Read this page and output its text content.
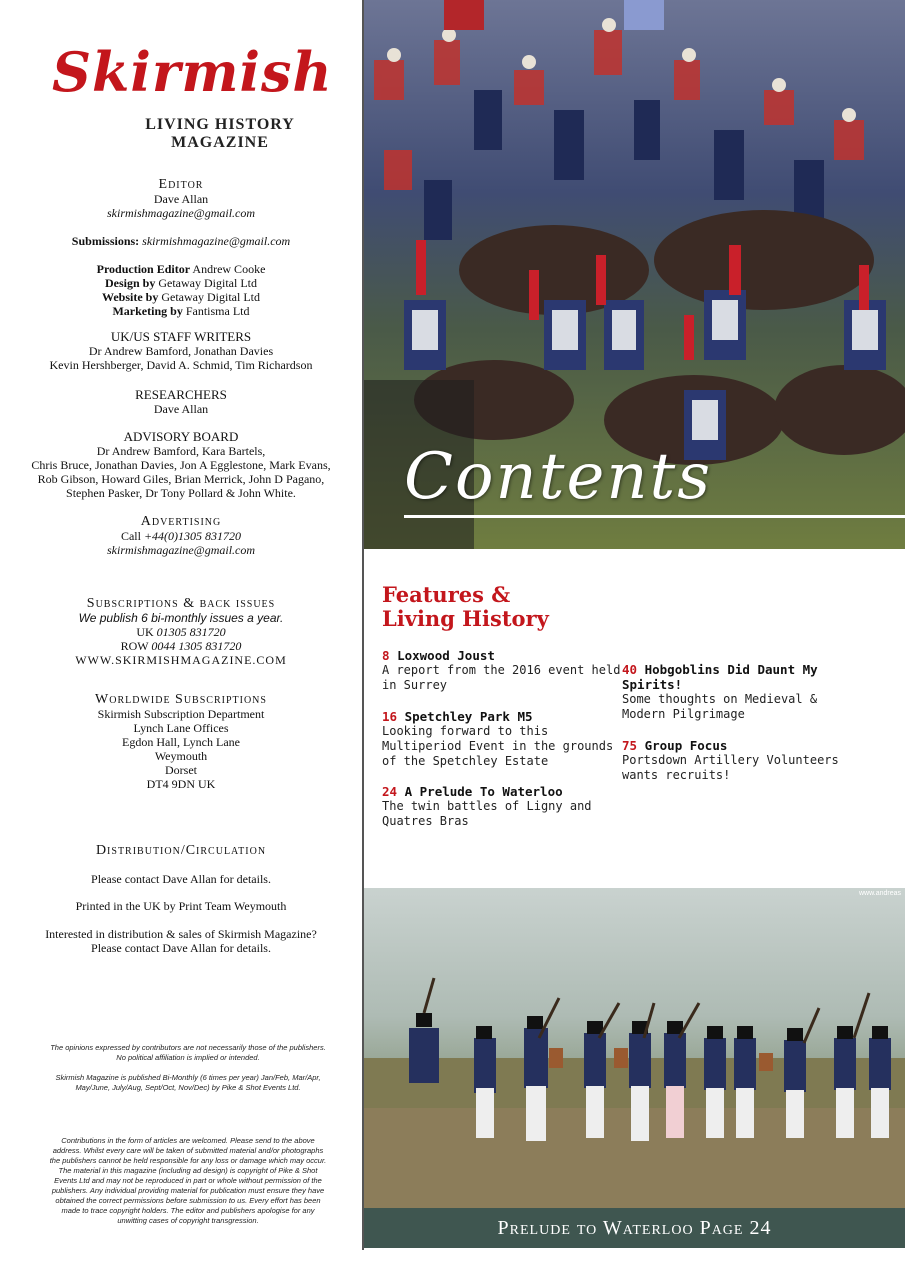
Skirmish
LIVING HISTORY MAGAZINE
Editor
Dave Allan
skirmishmagazine@gmail.com
Submissions: skirmishmagazine@gmail.com
Production Editor Andrew Cooke
Design by Getaway Digital Ltd
Website by Getaway Digital Ltd
Marketing by Fantisma Ltd
UK/US STAFF WRITERS
Dr Andrew Bamford, Jonathan Davies
Kevin Hershberger, David A. Schmid, Tim Richardson
RESEARCHERS
Dave Allan
ADVISORY BOARD
Dr Andrew Bamford, Kara Bartels,
Chris Bruce, Jonathan Davies, Jon A Egglestone, Mark Evans,
Rob Gibson, Howard Giles, Brian Merrick, John D Pagano,
Stephen Pasker, Dr Tony Pollard & John White.
Advertising
Call +44(0)1305 831720
skirmishmagazine@gmail.com
Subscriptions & back issues
We publish 6 bi-monthly issues a year.
UK 01305 831720
ROW 0044 1305 831720
WWW.SKIRMISHMAGAZINE.COM
Worldwide Subscriptions
Skirmish Subscription Department
Lynch Lane Offices
Egdon Hall, Lynch Lane
Weymouth
Dorset
DT4 9DN UK
Distribution/Circulation
Please contact Dave Allan for details.
Printed in the UK by Print Team Weymouth
Interested in distribution & sales of Skirmish Magazine?
Please contact Dave Allan for details.
The opinions expressed by contributors are not necessarily those of the publishers.
No political affiliation is implied or intended.
Skirmish Magazine is published Bi-Monthly (6 times per year) Jan/Feb, Mar/Apr, May/June, July/Aug, Sept/Oct, Nov/Dec) by Pike & Shot Events Ltd.
Contributions in the form of articles are welcomed. Please send to the above address. Whilst every care will be taken of submitted material and/or photographs the publishers cannot be held responsible for any loss or damage which may occur. The material in this magazine (including ad design) is copyright of Pike & Shot Events Ltd and may not be reproduced in part or whole without permission of the publishers. Any individual providing material for publication must ensure they have obtained the correct permissions before submission to us. Every effort has been made to trace copyright holders. The editor and publishers apologise for any unwitting cases of copyright transgression.
Contents
Features &
Living History
8 Loxwood Joust
A report from the 2016 event held in Surrey
16 Spetchley Park M5
Looking forward to this Multiperiod Event in the grounds of the Spetchley Estate
24 A Prelude To Waterloo
The twin battles of Ligny and Quatres Bras
40 Hobgoblins Did Daunt My Spirits!
Some thoughts on Medieval & Modern Pilgrimage
75 Group Focus
Portsdown Artillery Volunteers wants recruits!
www.andreas
Prelude to Waterloo Page 24
